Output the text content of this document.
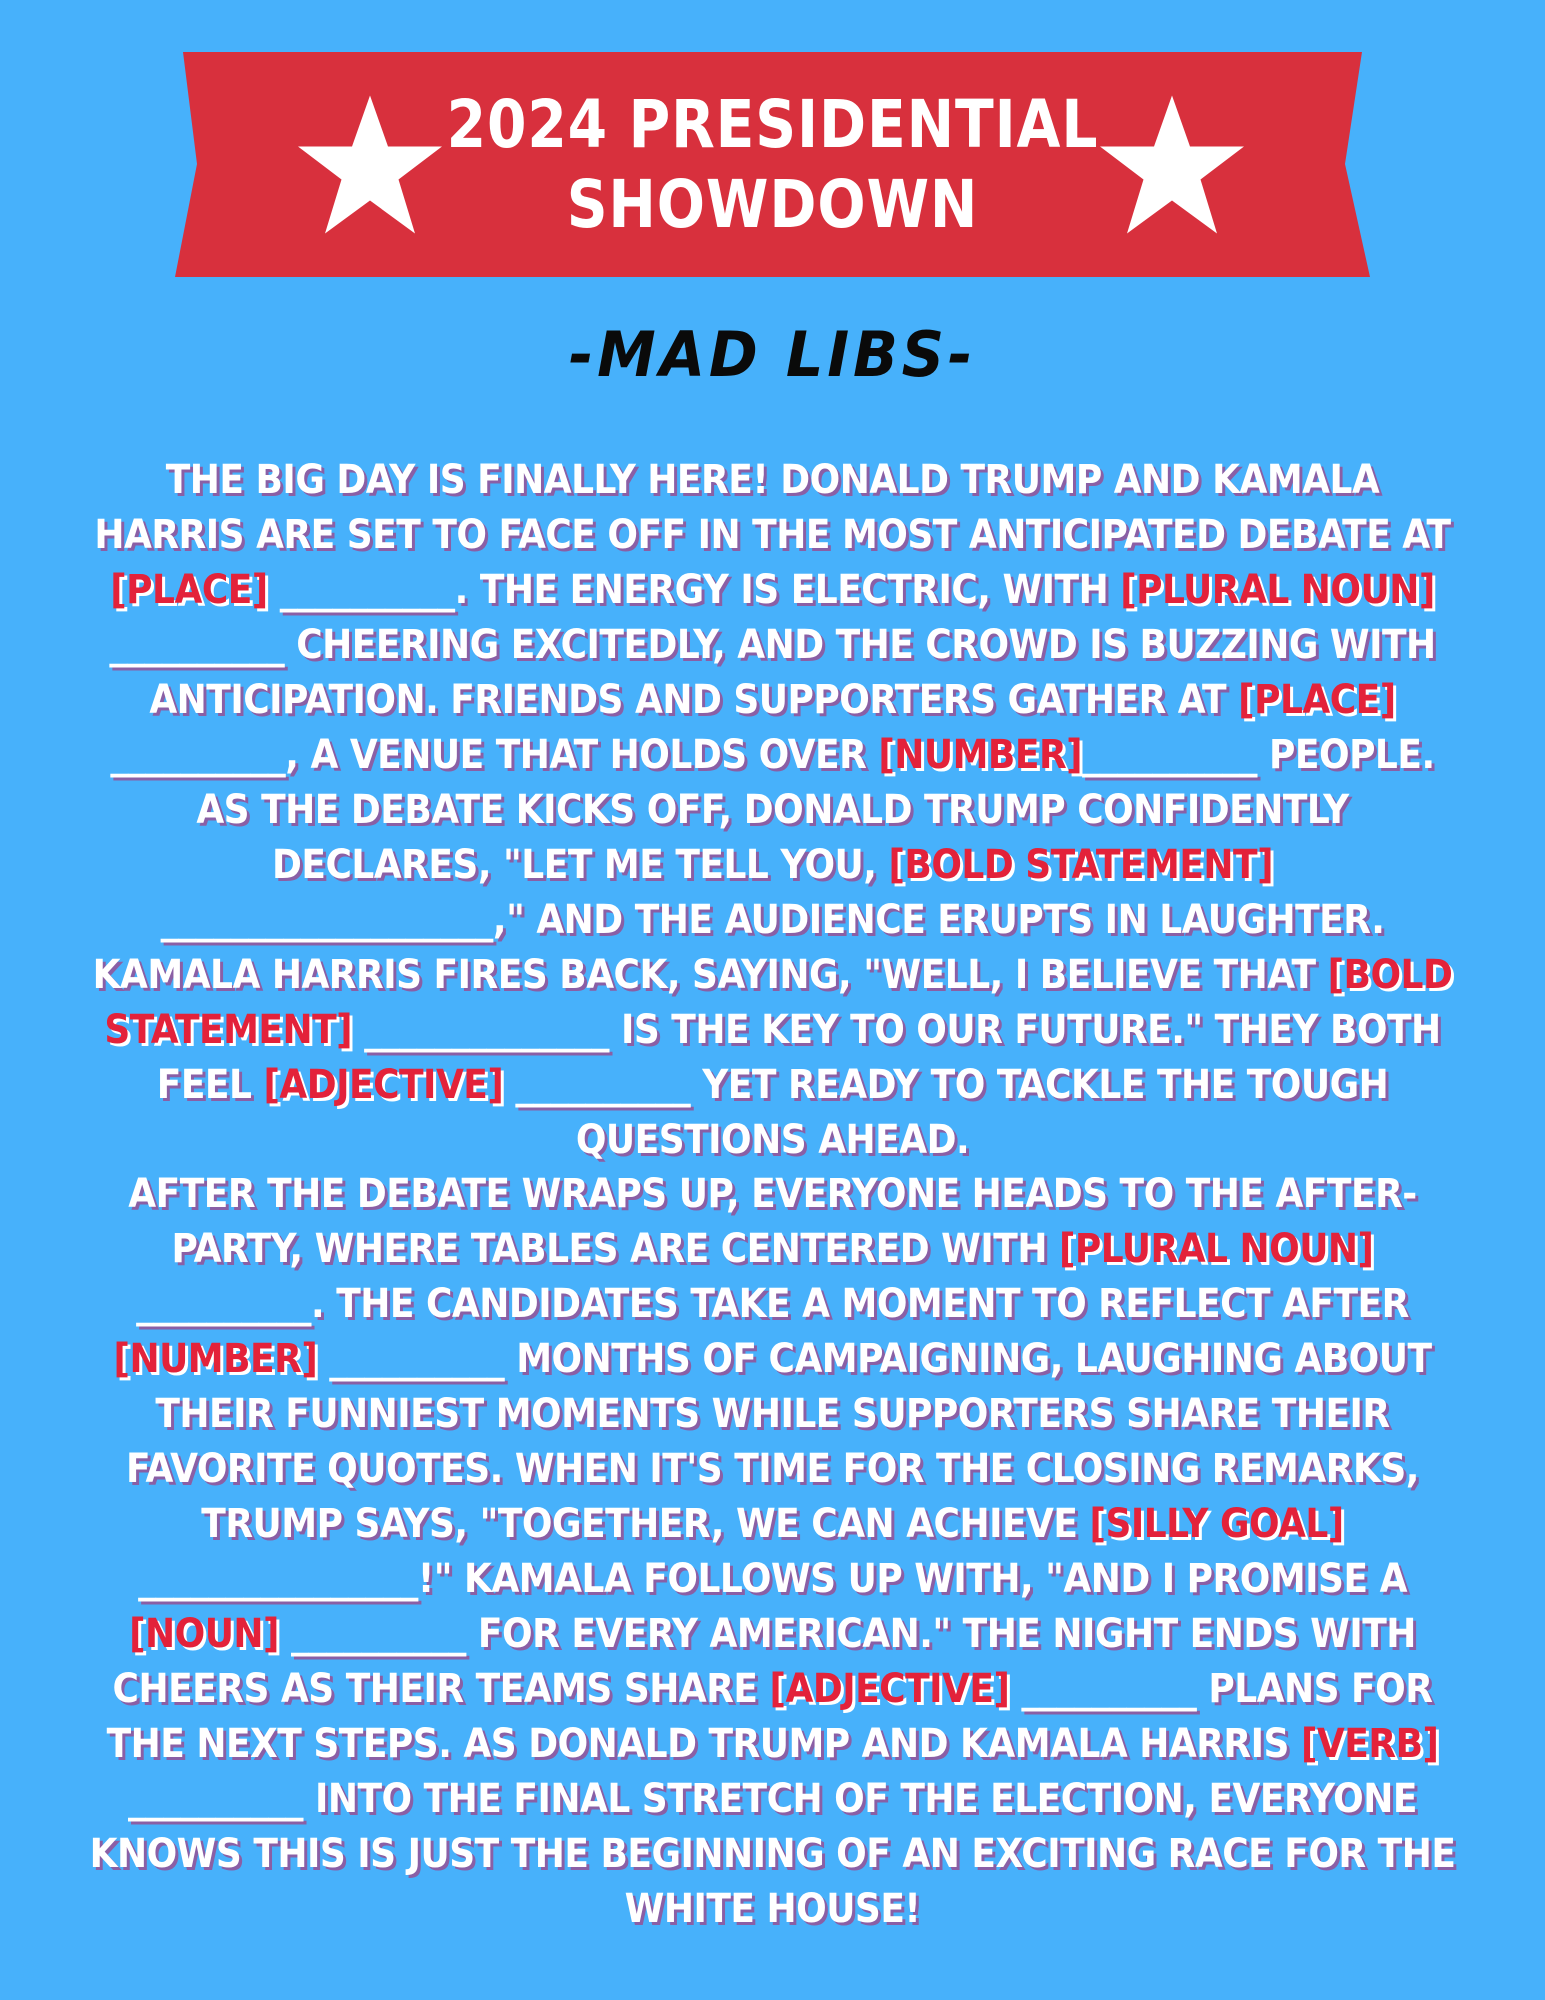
2024 PRESIDENTIAL
SHOWDOWN
-MAD LIBS-
THE BIG DAY IS FINALLY HERE! DONALD TRUMP AND KAMALA HARRIS ARE SET TO FACE OFF IN THE MOST ANTICIPATED DEBATE AT [PLACE] __________. THE ENERGY IS ELECTRIC, WITH [PLURAL NOUN] __________ CHEERING EXCITEDLY, AND THE CROWD IS BUZZING WITH ANTICIPATION. FRIENDS AND SUPPORTERS GATHER AT [PLACE] __________, A VENUE THAT HOLDS OVER [NUMBER]__________ PEOPLE. AS THE DEBATE KICKS OFF, DONALD TRUMP CONFIDENTLY DECLARES, "LET ME TELL YOU, [BOLD STATEMENT] ___________________," AND THE AUDIENCE ERUPTS IN LAUGHTER. KAMALA HARRIS FIRES BACK, SAYING, "WELL, I BELIEVE THAT [BOLD STATEMENT] ______________ IS THE KEY TO OUR FUTURE." THEY BOTH FEEL [ADJECTIVE] __________ YET READY TO TACKLE THE TOUGH QUESTIONS AHEAD.
AFTER THE DEBATE WRAPS UP, EVERYONE HEADS TO THE AFTER-PARTY, WHERE TABLES ARE CENTERED WITH [PLURAL NOUN] __________. THE CANDIDATES TAKE A MOMENT TO REFLECT AFTER [NUMBER] __________ MONTHS OF CAMPAIGNING, LAUGHING ABOUT THEIR FUNNIEST MOMENTS WHILE SUPPORTERS SHARE THEIR FAVORITE QUOTES. WHEN IT'S TIME FOR THE CLOSING REMARKS, TRUMP SAYS, "TOGETHER, WE CAN ACHIEVE [SILLY GOAL] ________________!" KAMALA FOLLOWS UP WITH, "AND I PROMISE A [NOUN] __________ FOR EVERY AMERICAN." THE NIGHT ENDS WITH CHEERS AS THEIR TEAMS SHARE [ADJECTIVE] __________ PLANS FOR THE NEXT STEPS. AS DONALD TRUMP AND KAMALA HARRIS [VERB] __________ INTO THE FINAL STRETCH OF THE ELECTION, EVERYONE KNOWS THIS IS JUST THE BEGINNING OF AN EXCITING RACE FOR THE WHITE HOUSE!
